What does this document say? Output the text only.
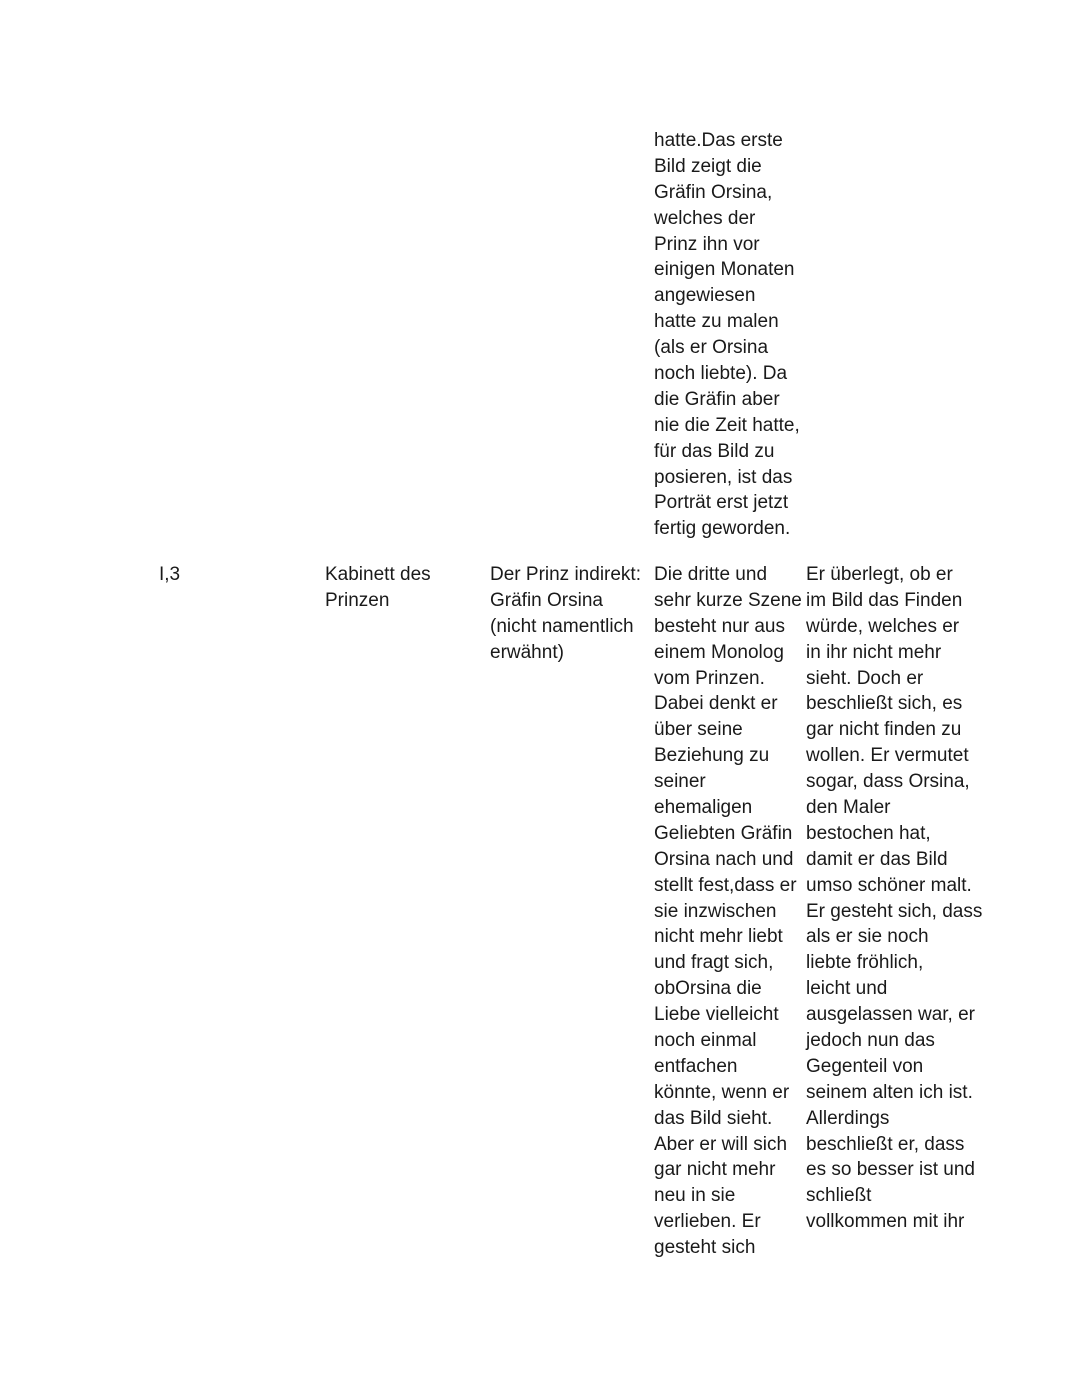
hatte.Das erste
Bild zeigt die
Gräfin Orsina,
welches der
Prinz ihn vor
einigen Monaten
angewiesen
hatte zu malen
(als er Orsina
noch liebte). Da
die Gräfin aber
nie die Zeit hatte,
für das Bild zu
posieren, ist das
Porträt erst jetzt
fertig geworden.
I,3	Kabinett des
Prinzen
Der Prinz indirekt:
Gräfin Orsina
(nicht namentlich
erwähnt)
Die dritte und
sehr kurze Szene
besteht nur aus
einem Monolog
vom Prinzen.
Dabei denkt er
über seine
Beziehung zu
seiner
ehemaligen
Geliebten Gräfin
Orsina nach und
stellt fest,dass er
sie inzwischen
nicht mehr liebt
und fragt sich,
obOrsina die
Liebe vielleicht
noch einmal
entfachen
könnte, wenn er
das Bild sieht.
Aber er will sich
gar nicht mehr
neu in sie
verlieben. Er
gesteht sich
Er überlegt, ob er
im Bild das Finden
würde, welches er
in ihr nicht mehr
sieht. Doch er
beschließt sich, es
gar nicht finden zu
wollen. Er vermutet
sogar, dass Orsina,
den Maler
bestochen hat,
damit er das Bild
umso schöner malt.
Er gesteht sich, dass
als er sie noch
liebte fröhlich,
leicht und
ausgelassen war, er
jedoch nun das
Gegenteil von
seinem alten ich ist.
Allerdings
beschließt er, dass
es so besser ist und
schließt
vollkommen mit ihr
